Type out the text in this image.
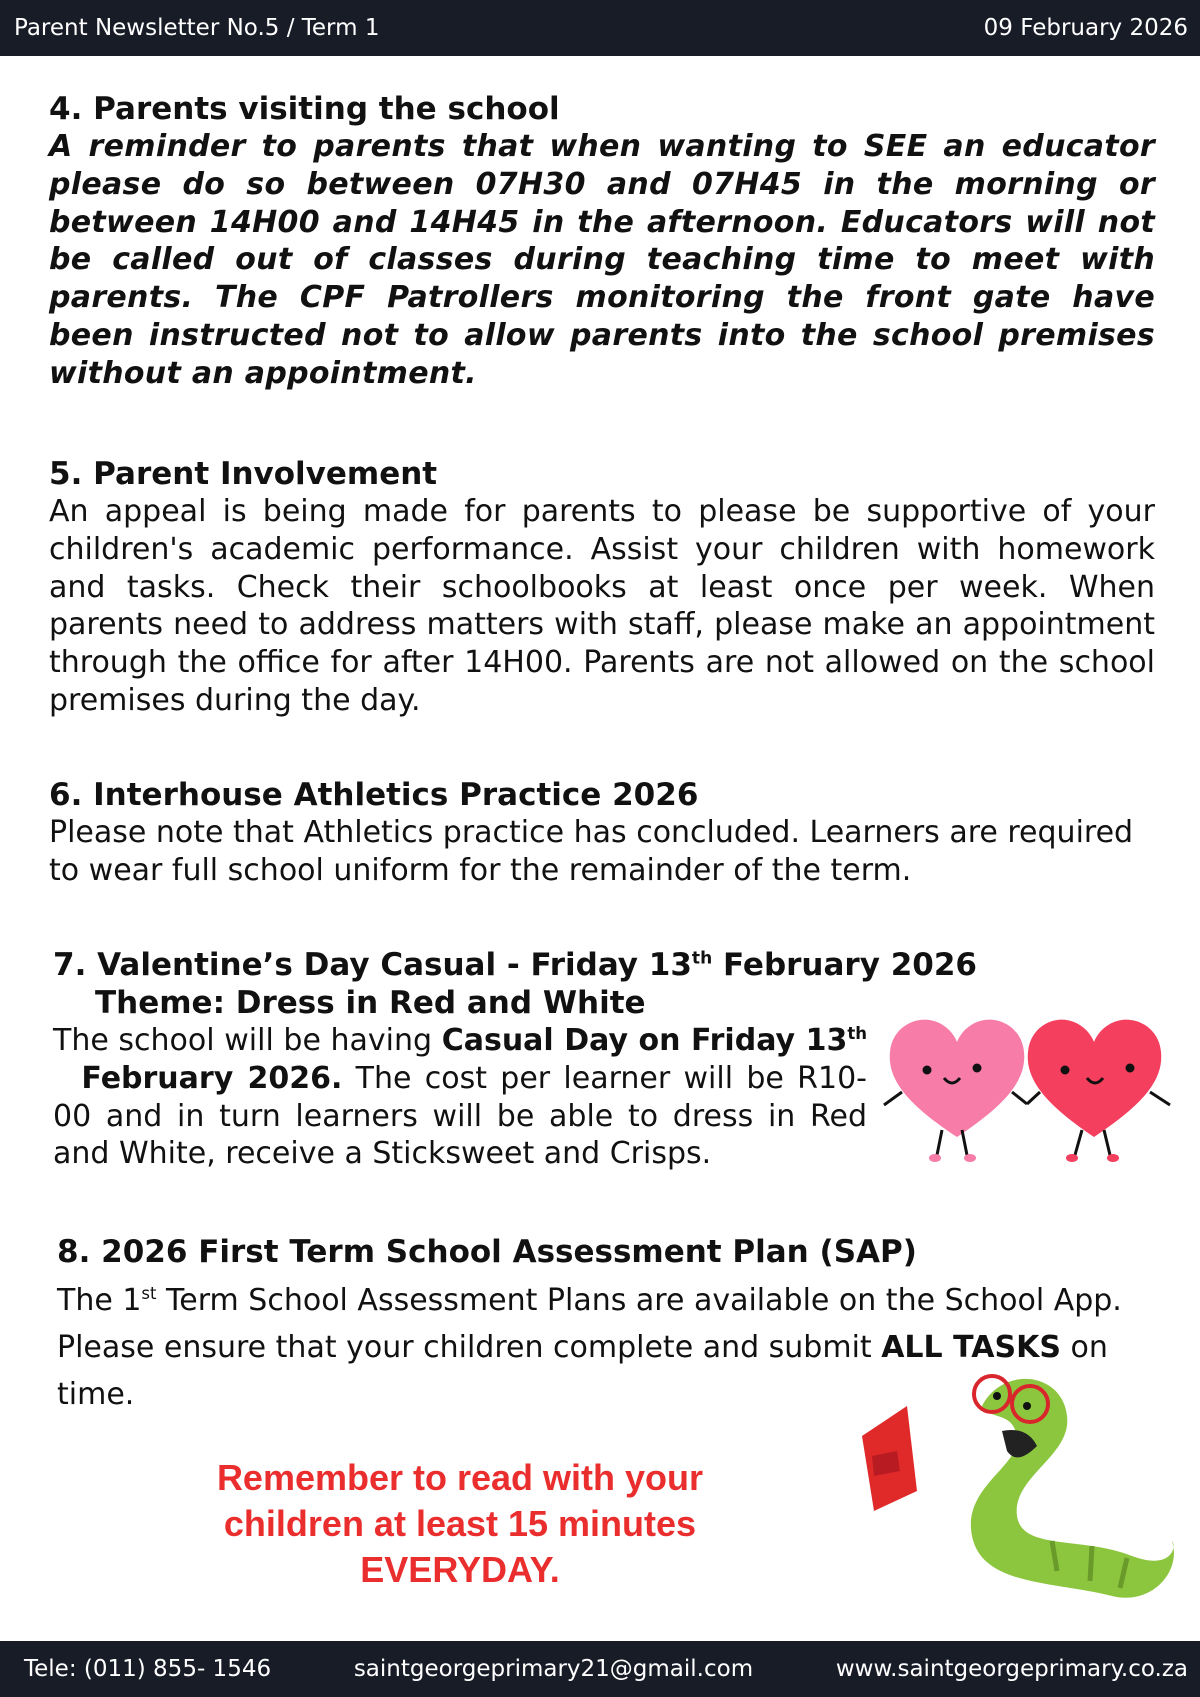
Parent Newsletter No.5 / Term 1	09 February 2026
4. Parents visiting the school

A reminder to parents that when wanting to SEE an educator please do so between 07H30 and 07H45 in the morning or between 14H00 and 14H45 in the afternoon. Educators will not be called out of classes during teaching time to meet with parents. The CPF Patrollers monitoring the front gate have been instructed not to allow parents into the school premises without an appointment.

5. Parent Involvement

An appeal is being made for parents to please be supportive of your children's academic performance. Assist your children with homework and tasks. Check their schoolbooks at least once per week. When parents need to address matters with staff, please make an appointment through the office for after 14H00. Parents are not allowed on the school premises during the day.

6. Interhouse Athletics Practice 2026

Please note that Athletics practice has concluded. Learners are required to wear full school uniform for the remainder of the term.

7. Valentine’s Day Casual - Friday 13th February 2026
Theme: Dress in Red and White

The school will be having Casual Day on Friday 13th  February 2026. The cost per learner will be R10-00 and in turn learners will be able to dress in Red and White, receive a Sticksweet and Crisps.

8. 2026 First Term School Assessment Plan (SAP)

The 1st Term School Assessment Plans are available on the School App. Please ensure that your children complete and submit ALL TASKS on time.

Remember to read with your
children at least 15 minutes
EVERYDAY.
Tele: (011) 855- 1546	saintgeorgeprimary21@gmail.com	www.saintgeorgeprimary.co.za
